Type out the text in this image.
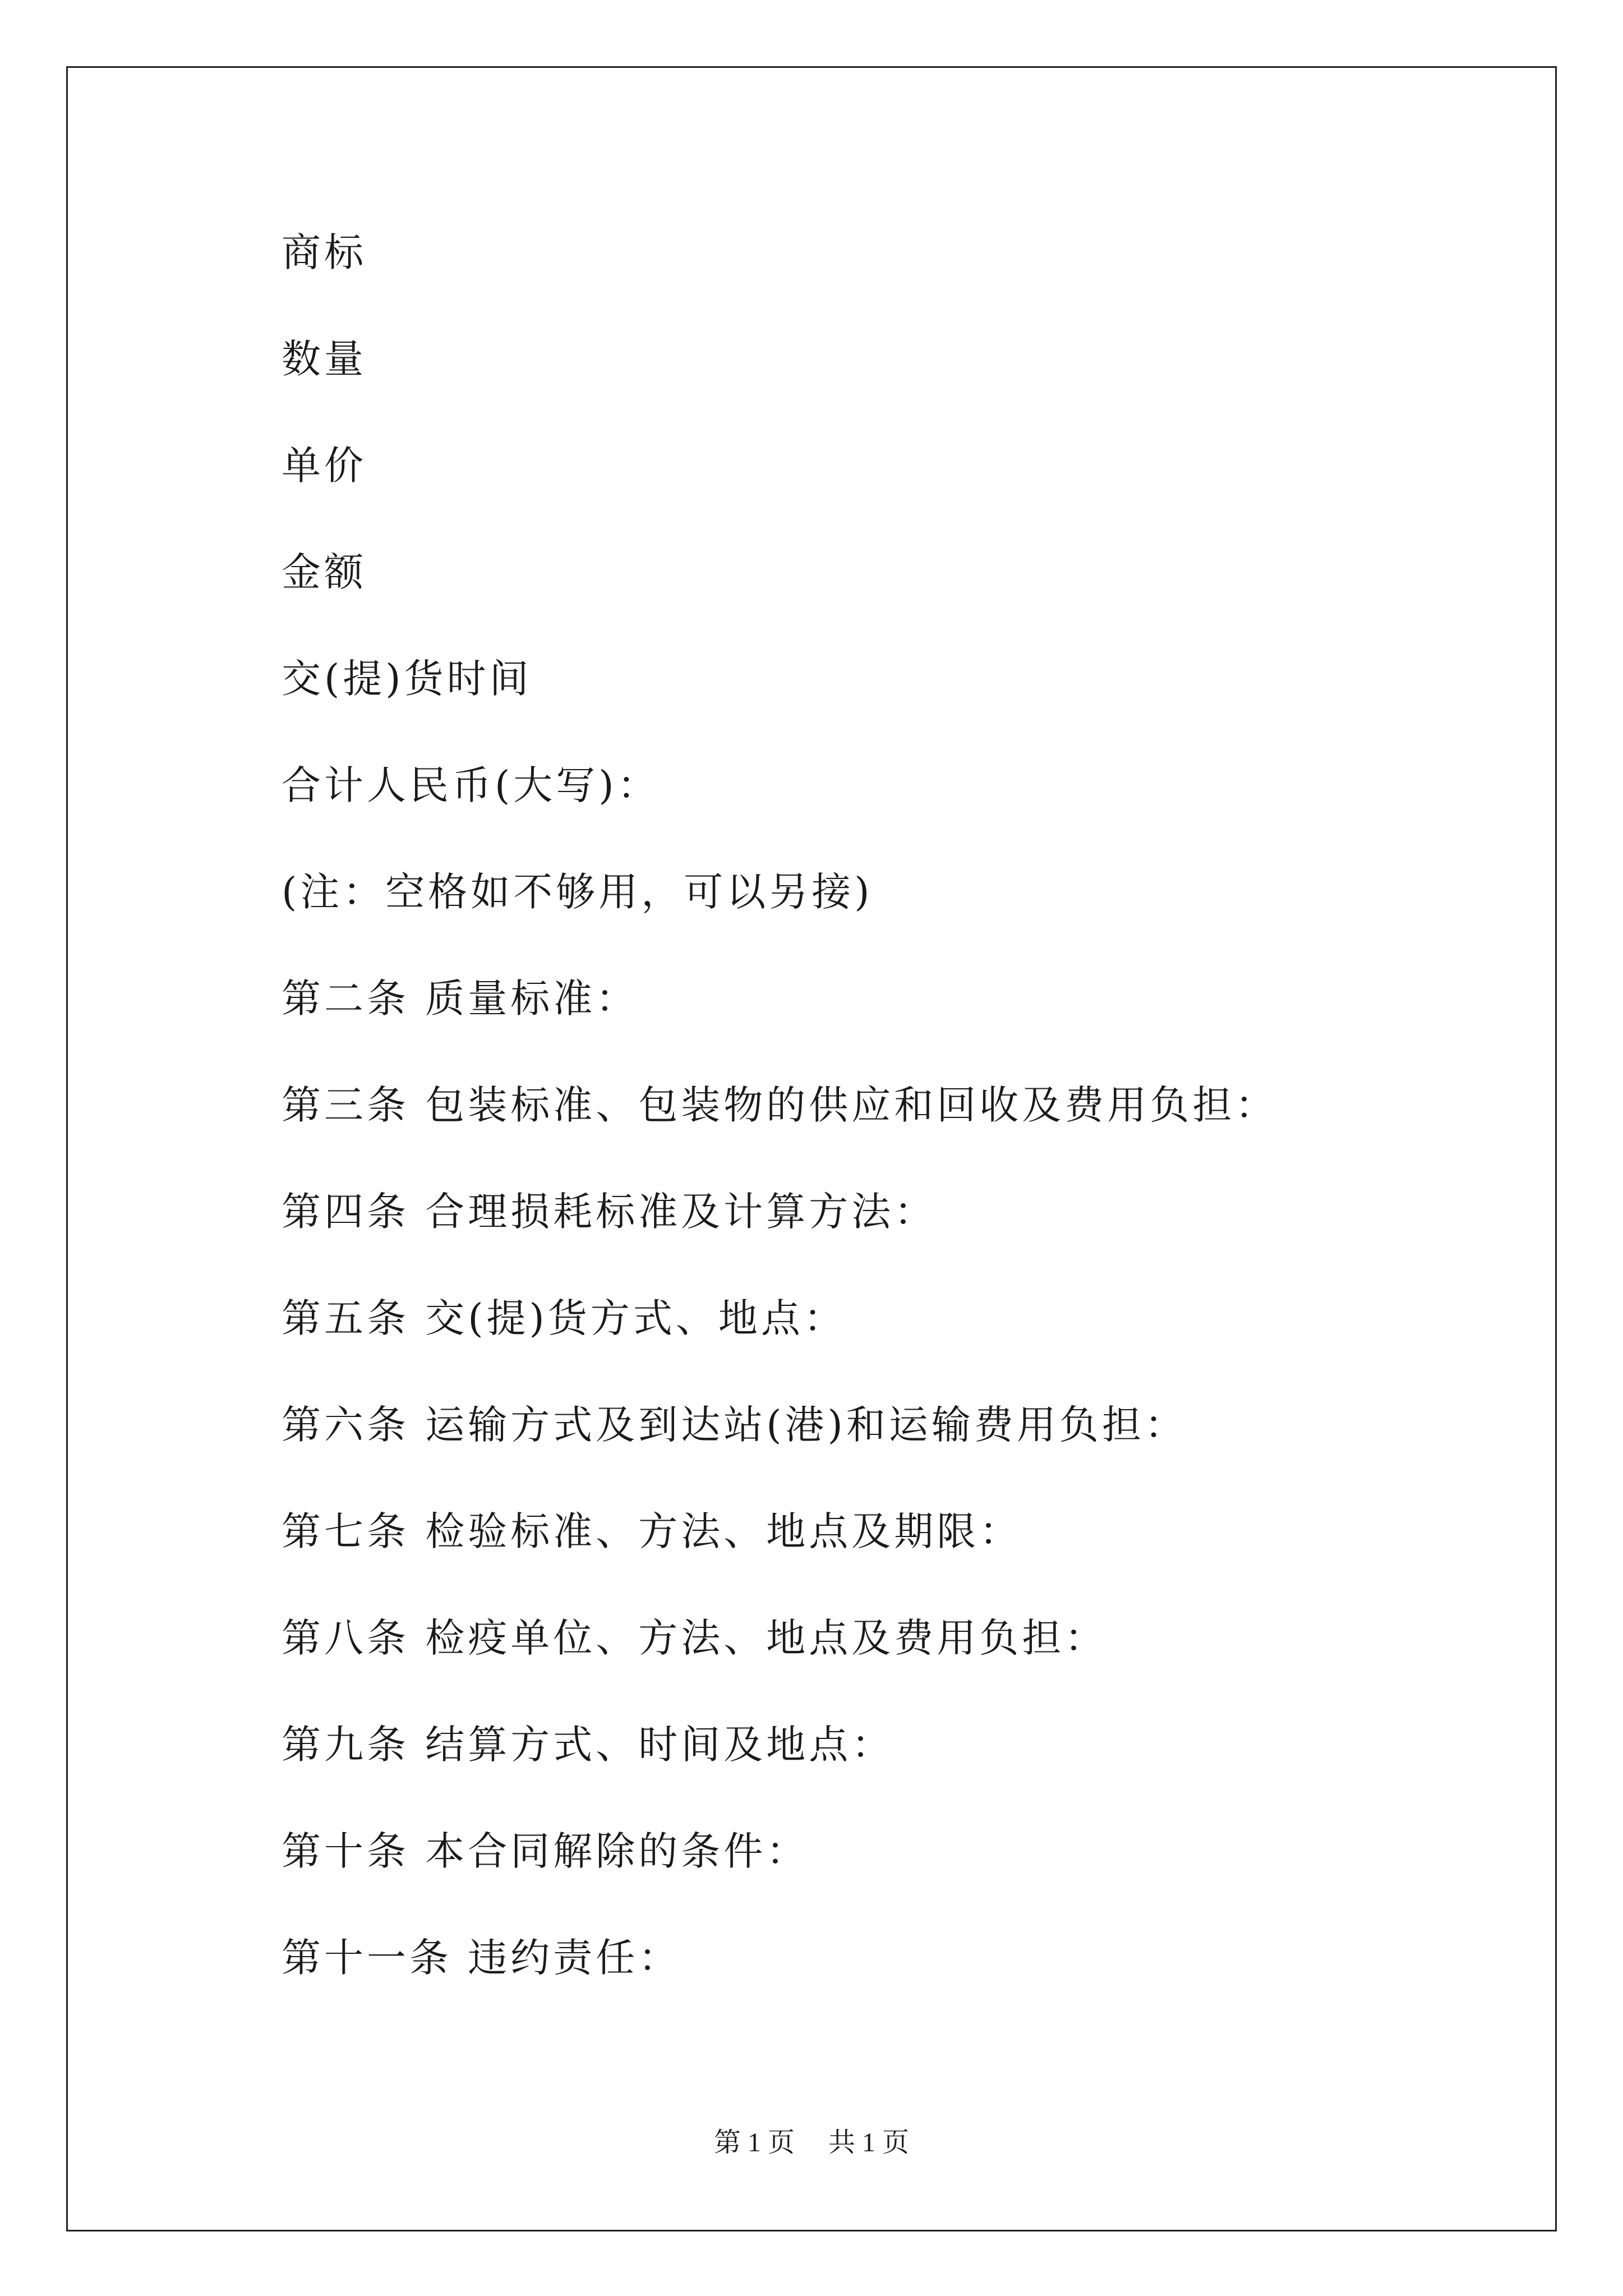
商标
数量
单价
金额
交(提)货时间
合计人民币(大写)：
(注：空格如不够用，可以另接)
第二条 质量标准：
第三条 包装标准、包装物的供应和回收及费用负担：
第四条 合理损耗标准及计算方法：
第五条 交(提)货方式、地点：
第六条 运输方式及到达站(港)和运输费用负担：
第七条 检验标准、方法、地点及期限：
第八条 检疫单位、方法、地点及费用负担：
第九条 结算方式、时间及地点：
第十条 本合同解除的条件：
第十一条 违约责任：
第 1 页 共 1 页
